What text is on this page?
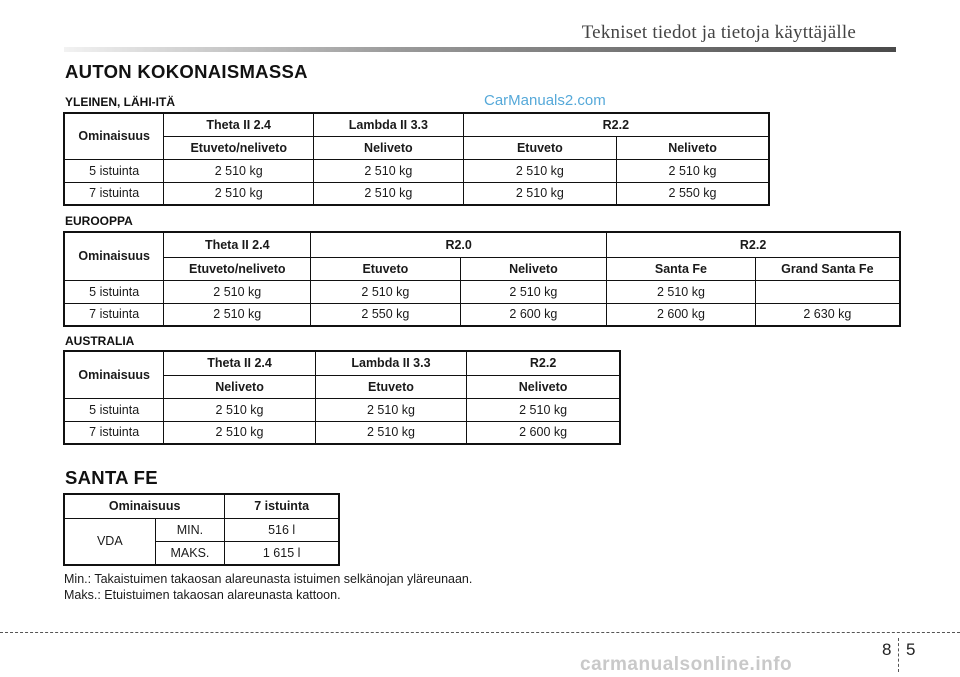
Tekniset tiedot ja tietoja käyttäjälle
AUTON KOKONAISMASSA
YLEINEN, LÄHI-ITÄ	CarManuals2.com
Ominaisuus	Theta II 2.4	Lambda II 3.3	R2.2	
	Etuveto/neliveto	Neliveto	Etuveto	Neliveto
5 istuinta	2 510 kg	2 510 kg	2 510 kg	2 510 kg
7 istuinta	2 510 kg	2 510 kg	2 510 kg	2 550 kg
EUROOPPA
Ominaisuus	Theta II 2.4	R2.0		R2.2	
	Etuveto/neliveto	Etuveto	Neliveto	Santa Fe	Grand Santa Fe
5 istuinta	2 510 kg	2 510 kg	2 510 kg	2 510 kg	
7 istuinta	2 510 kg	2 550 kg	2 600 kg	2 600 kg	2 630 kg
AUSTRALIA
Ominaisuus	Theta II 2.4	Lambda II 3.3	R2.2
	Neliveto	Etuveto	Neliveto
5 istuinta	2 510 kg	2 510 kg	2 510 kg
7 istuinta	2 510 kg	2 510 kg	2 600 kg
SANTA FE
Ominaisuus		7 istuinta
VDA	MIN.	516 l
	MAKS.	1 615 l
Min.: Takaistuimen takaosan alareunasta istuimen selkänojan yläreunaan.
Maks.: Etuistuimen takaosan alareunasta kattoon.
8 5
carmanualsonline.info
